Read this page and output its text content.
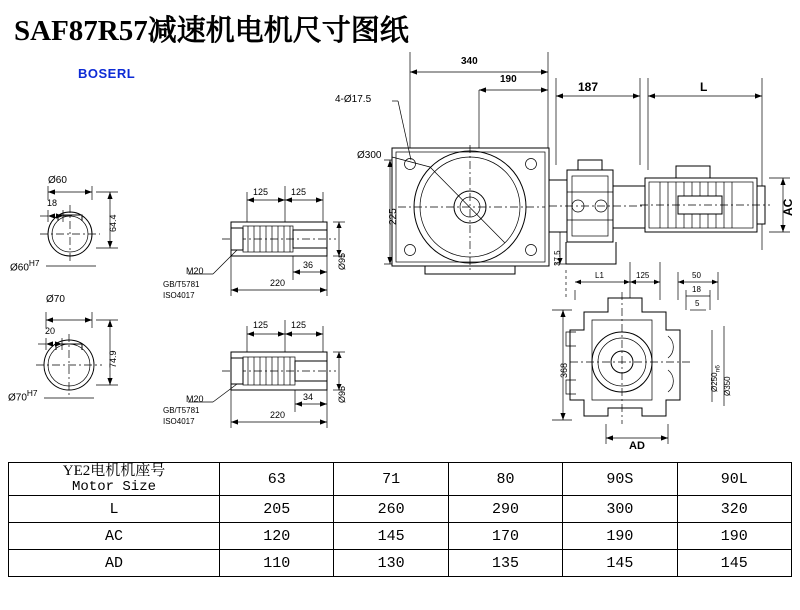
SAF87R57减速机电机尺寸图纸
BOSERL
340
190
187	L
4-Ø17.5
Ø300
225
37.5
AC
Ø60
64.4
18
$Ø60^{H7}$
Ø70
74.9
20
$Ø70^{H7}$
125	125
36
220
Ø95
M20
GB/T5781
ISO4017
125	125
34
220
Ø95
M20
GB/T5781
ISO4017
L1	125	50
18
5
368
$Ø250_{n6}$
Ø350
AD
YE2电机机座号
Motor Size	63	71	80	90S	90L
L	205	260	290	300	320
AC	120	145	170	190	190
AD	110	130	135	145	145
